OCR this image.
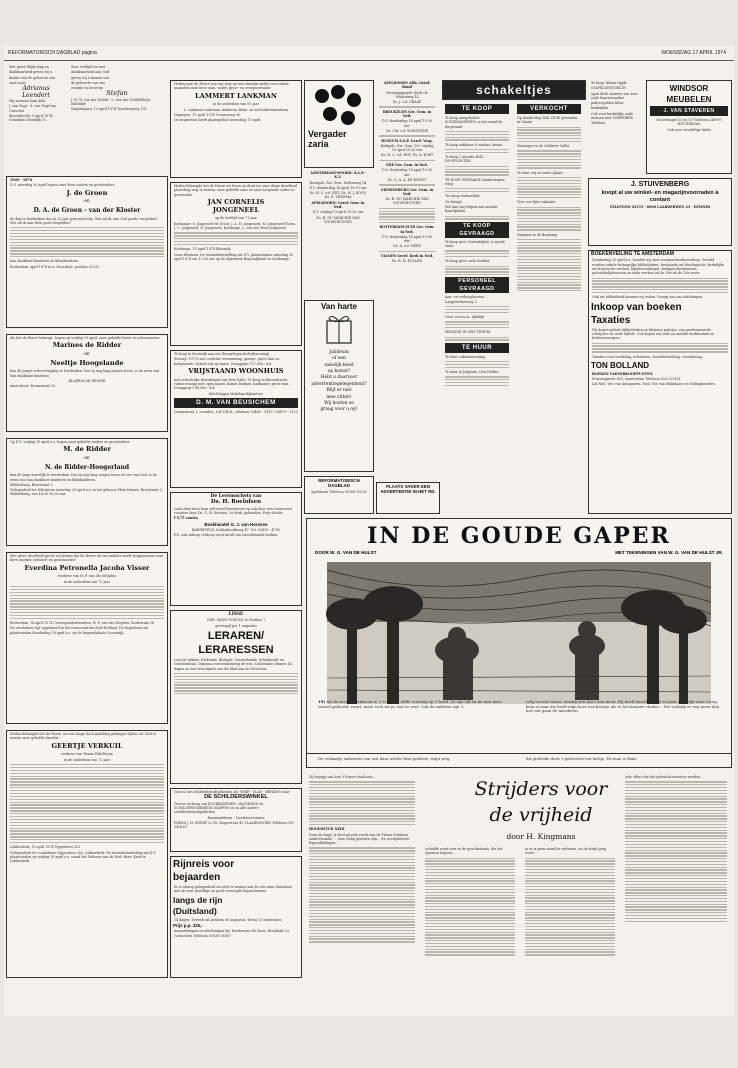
REFORMATORISCH DAGBLAD pagina	WOENSDAG 17 APRIL 1974
Met grote blijdschap en
dankbaarheid geven wij u
kennis van de geboorte van
onze zoon
Adrianus
Leendert
Wij noemen hem Adri.
J. van Vugt - A. van Vugt-van Oorschot
Barendrecht, 9 april 1974 Gebroken Meeldijk 11
Zeer verblijd en met
dankbaarheid aan God
geven wij u kennis van
de geboorte van ons
zoontje en broertje
Stefan
J. H. W. van der Schild - L. van der Schild-Kleijs - Mathilde
Wageningen, 13 april 1974 Voorbergweg 101
1949 - 1974
D.V. zaterdag 20 april hopen onze lieve ouders en grootouders
J. de Groen
en
D. A. de Groen - van der Kloster
de dag te herdenken dat zij 25 jaar getrouwd zijn. Wat zal ik, aan God goede vergelden? Wie zal ik aan Hem goed vergelden?
hun dankbare kinderen en kleinkinderen
Rotterdam, april 1974 m.a. Noordzee, postbus 21032
Als het de Heere behaagt, hopen op vrijdag 19 april, onze geliefde broer en schoonzuster
Marines de Ridder
en
Neeltje Hoogelande
hun 40-jarige echtvereniging te herdenken. Dat zij nog lang mogen leven, is de wens van hun dankbare kinderen
BLAERIA DE RIDDER
Amersfoort, Kromstraat 15
Op D.V. vrijdag 19 april a.s. hopen onze geliefde ouders en grootouders
M. de Ridder
en
N. de Ridder-Hoogerland
hun 40-jarig huwelijk te herdenken. Dat zij nog lang mogen leven tot eer van God, is de wens van hun dankbare kinderen en kleinkinderen
Middelburg, Breestraat 3
Gelegenheid tot feliciteren zaterdag 20 april a.s. in het gebouw Eben Haezer, Breestraat 3, Middelburg, van 14.30-16.30 uur.
Met grote droefheid geven wij kennis dat de Heere uit ons midden heeft weggenomen onze lieve moeder, behuwd- en grootmoeder
Everdina Petronella Jacoba Visser
weduwe van H. P. van der Meijden
in de ouderdom van 73 jaar
Rotterdam, 14 april 1974 Correspondentieadres: H. P. van der Meijden, Dorkstraat 26
De overledene ligt opgebaard in het rouwcentrum Zuid-Holland. De begrafenis zal plaatsvinden donderdag 18 april a.s. op de begraafplaats Crooswijk.
Heden behaagde het de Heere, na een lange doch geduldig gedragen lijden, tot Zich te nemen onze geliefde broeder
GEERTJE VERKUIL
weduwe van Teunis Eikelboom
in de ouderdom van 72 jaar
Lekkerkerk, 13 april 1974 Opperdoes 302
Gelegenheid tot condoleren Opperdoes 302, Lekkerkerk. De teraardebestelling zal D.V. plaatsvinden op vrijdag 19 april a.s. vanaf het Gebouw van de Ned. Herv. Kerk te Lekkerkerk.
Heden nam de Heere van ons weg na een ernstige ziekte van enkele maanden onze lieve man, vader, groot- en overgrootvader
LAMMERT LANKMAN
in de ouderdom van 81 jaar
L. Lankman-Lakeman, kinderen, klein- en achterkleinkinderen
Nijmegen, 13 april 1974 Vrannoweg 90
De begrafenis heeft plaatsgehad woensdag 17 april.
Heden behaagde het de Heere uit leven en dood tot onze diepe droefheid plotseling weg te nemen, onze geliefde man en onze zorgzame vader en grootvader
JAN CORNELIS
JONGENEEL
op de leeftijd van 71 jaar
Koekange: S. Jongeneel-de Groot, J. A. H. Jongeneel, M. Jongeneel-Toom, J. C. Jongeneel, R. Jongeneel, Koekange, L. van der Veen-Jongeneel
Koekange, 15 april 1974 Blenwijk
Geen bloemen. De teraardebestelling zal D.V. plaatsvinden zaterdag 20 april 1974 om 13.00 uur op de Algemene Begraafplaats te Koekange.
Te koop in Kootwijk aan zee (bosgelegen bedrijfswoning)
(bouwjr. 1971) met centrale verwarming, garage, grote tuin en bergruimte. Geheel vrij op naam. Vraagprijs f 57.000,- k.k.
VRIJSTAAND WOONHUIS
met schoolrijke fietsafstand van deze halte. Te koop in Barendrecht, ruime woning met open haard, kamer, keuken, badkamer, grote tuin. Vraagprijs f 98.000,- k.k.
Inlichtingen Makelaardijkantoor
D. M. VAN BEUSICHEM
Dorpsstraat 1, Leusden, Lid N.B.M., telefoon 03440 - 1419 / 58879 - 2135
De Levensschets van
Ds. H. Roelofsen
zoals deze door hem zelf werd beschreven en ook door een voorwoord voorzien door Ds. G. H. Kersten. 2e druk, gebonden. Prijs slechts
f 9,75 contra
Boekhandel G. J. van Horssen
BARNEVELD, Kallenbroekweg 47. Tel. 03420 - 4795
P.S. ook onkoop verkoop en/of inruil van tweedehands boeken.
LISSE
CHR. MAVO SCHOOL te Postbus 7
gevraagd per 1 augustus
LERAREN/
LERARESSEN
voor de vakken Wiskunde, Biologie, Natuurkunde, Scheikunde en Geschiedenis. Diploma overeenkomstig de wet. Sollicitaties binnen 14 dagen na het verschijnen van dit blad aan de Directeur.
Voor al uw schilderbenodigdheden als: VERF - GLAS - BEHANG naar
DE SCHILDERSWINKEL
Tevens verkoop van KLOKBAZEMEN, MACHINES en SCHILDERSGEREEDSCHAPPEN en in alle andere schildersbenodigdheden
Raamembleem - Voordeurreclame
FIRMA J. H. SNEEP & ZN. Hogestraat 43 VLAARDINGEN Telefoon 010-342628
Rijnreis voor
bejaarden
Er is alsnog gelegenheid om deel te nemen aan de reis naar Duitsland met de zeer gezellige en goed verzorgde bejaardenreis
langs de rijn
(Duitsland)
14 dagen. Vertrek uit Arnhem 30 augustus. Terug 13 september.
Prijs p.p. 325,-
Aanmeldingen en inlichtingen bij: Reisbureau De Roos, Houtkade 22, Gorinchem Telefoon 01830-28067
Vergader
zaria
AMSTERDAM-NOORD: S.G.P.-K.V.
Kerkgeb. Ger. Gem. Molenweg 14
D.V. donderdag 18 april 19.30 uur
Ds. H. C. v.d. ENT, Ds. H. J. KOOY, Ds. E. VENEMA
APELDOORN: Geref. Gem. in Ned.
D.V. vrijdag 19 april 19.30 uur
Ds. B. DU MARCHIE VAN VOORTHUYSEN
Van harte
Jubileum
of een
zakelijk feest
op komst?
Hebt u daarvoor
advertentiegelegenheid?
Blijf er niet
mee zitten!
Wij kosten ze
graag voor u op!
REFORMATORISCH DAGBLAD
Apeldoorn Telefoon 05760-15202
APELDOORN Alth. Geref. Bond
Verenigingsgeb. Kerk vd. Veldenweg 14
Ds. J. v.d. GRAAF
BREUKELEN Ger. Gem. in Ned.
D.V. donderdag 18 april 19.30 uur
Ds. Chr. v.d. WOESTIJNE
BUSSUM S.G.P. Geref. Verg.
Kerkgeb. Ger. Gem. D.V. vrijdag 19 april 19.30 uur
Ds. H. C. v.d. ENT, Ds. A. KORT
EDE Ger. Gem. in Ned.
D.V. donderdag 18 april 19.30 uur
Ds. G. A. A. DE KNEGT
GIESSENBURG Ger. Gem. in Ned.
Ds. B. DU MARCHIE VAN VOORTHUYSEN
ROTTERDAM-ZUID Ger. Gem. in Ned.
D.V. donderdag 18 april 19.30 uur
Ds. A. v.d. NEER
VIANEN Geref. Kerk in Ned.
Ds. R. H. POLLEN
PLAATS VAKER EEN ADVERTENTIE IN HET RD.
schakeltjes
TE KOOP
Te koop aangeboden SCHIEDAMSWEG, in het vanaf de dorpsrand
Te koop zakkroos 8 wielers, keuze
Te koop 2 antieke Holl. DOOPVONTEN
TE KOOP GEVRAAGD kinderwagen, wieg
Ter koop eerhoutkist
Ge brengt
Wie kan mij helpen aan antieke haardplaten
TE KOOP GEVRAAGD
Te koop gevr. Statenbijbel, in goede staat
Te koop gevr. oude boeken
PERSONEEL GEVRAAGD
Aan- en verkoopbureau Langbroekerweg 3
Gevr. voor n.m. tijdelijk
WELKOM IN ONS TEHUIS
TE HUUR
Te huur vakantiewoning
Te huur in Jaagtuin, Den Helder
VERKOCHT
Op donderdag VAR. HUIS gevonden in Dinant
Woningen in de Gelderse Vallei
Te huur vrij en vaste plaats
Voor een fijne vakantie
Vakantie in de Boskamp
Te koop: kleine tipple
STAPELGESTOELTE
open dicht meneer van zeer oude kaarsenmaker
pakvergulden kleur
kerktijden
Ook voor kerkelijke oude mensen met SOEPEIERS
Telefoon
WINDSOR
MEUBELEN
J. VAN STAVEREN
Noordsingel 51 en 55 Telefoon 240999 ROTTERDAM
Ook zeer voordelige tafels
J. STUIVENBERG
koopt al uw winkel- en magazijnvoorraden à contant
TELEFOON 02155 - 6000 LAARDERWEG 23 - EEMNES
BOEKENVEILING TE AMSTERDAM
Donderdag 25 april a.s. houden wij onze voorjaarsboekenveiling. Geveild worden enkele belangrijke bibliotheken, bestaande uit theologische, kerkelijke en historische werken, bijbelvertalingen, kerkgeschiedenissen, geloofsbelijdenissen en oude werken uit de 16e tot de 18e eeuw.
Ook uw bibliotheek kunnen wij veilen. Vraagt ons om inlichtingen.
Inkoop van boeken
Taxaties
Wij kopen gehele bibliotheken en kleinere partijen, van gereformeerde schrijvers en oude bijbels. Ook kopen wij oude en antieke kerkboeken en kerkvoorwerpen.
Taxaties voor verdeling, erfenissen, boedelscheiding, verzekering.
TON BOLLAND
BOEKEN VAKVERKOOPPUNTEN
Prinsengracht 493, Amsterdam Telefoon 020-221921
Lid Ned. Ver. van Antiquaren. Ned. Ver. van Makelaars en Veilinghouders.
IN DE GOUDE GAPER
DOOR W. G. VAN DE HULST	MET TEKENINGEN VAN W. G. VAN DE HULST JR.
19) Als de zeeger verdween is, 't is zwart, doffe voetstap op 't boed. Ze zijn stil en de zien door wassel geboord, zwart, maar toch zie je, wat er was! Ook de anderen zijn 't...
volg en met zwaar, ernstig een door hem heen, Hij heeft baard; hij wil en gaat mogelijk weer terug, kom al naar die heeft mijn hoer een krutsje als ze het kunnen vinden... Die verhulp er nog meer dan het ooit gaan de moederen.
De verkaatje onbewust van wat daar achter hem gebeurt, stapt weg.	En grolende dorn 't gebroeste-ten lachje. De man is thuis.
Strijders voor
de vrijheid
door H. Kingmans
Zij begrijp van hun 't Rovert stadionts...
HOOFDSTUK XXIII
Deze de hoge, je heel grootte reeds van de Prinse Soldaten ondersteunde, ... hun veilig gesloten zijn... De overgebleven legerafdelingen...
schuilde werd over in de geschiedenis, die het Spaanse legioen...
ja er is geen moed te verliezen, en de strijd ging voort...
vele offers dat dat gebracht moesten worden...
